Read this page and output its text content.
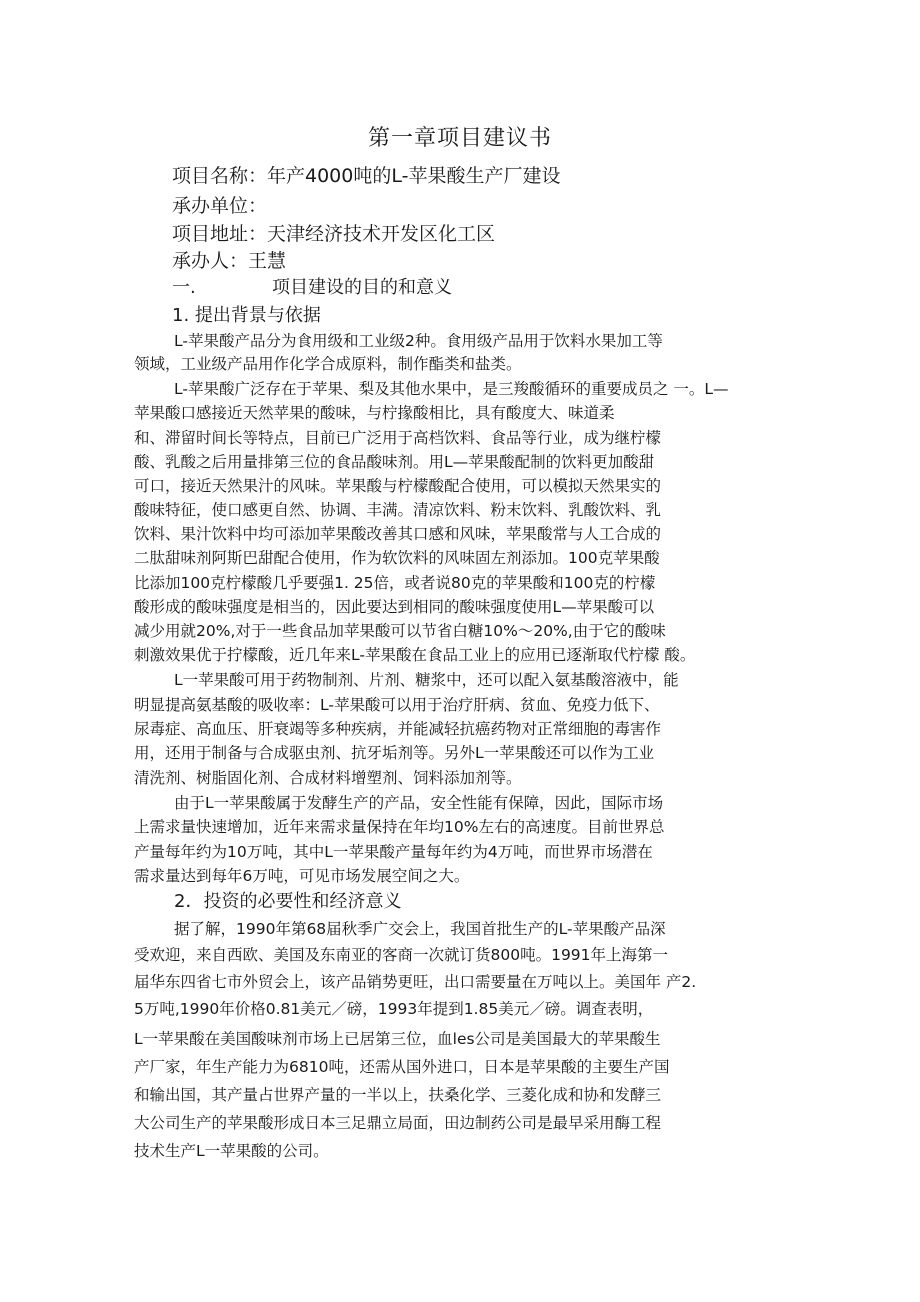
第一章项目建议书
项目名称：年产4000吨的L-苹果酸生产厂建设
承办单位：
项目地址：天津经济技术开发区化工区
承办人：王慧
一.	项目建设的目的和意义
1. 提出背景与依据
L-苹果酸产品分为食用级和工业级2种。食用级产品用于饮料水果加工等
领域，工业级产品用作化学合成原料，制作酯类和盐类。
L-苹果酸广泛存在于苹果、梨及其他水果中，是三羧酸循环的重要成员之 一。L—
苹果酸口感接近天然苹果的酸味，与柠掾酸相比，具有酸度大、味道柔
和、滞留时间长等特点，目前已广泛用于高档饮料、食品等行业，成为继柠檬
酸、乳酸之后用量排第三位的食品酸味剂。用L—苹果酸配制的饮料更加酸甜
可口，接近天然果汁的风味。苹果酸与柠檬酸配合使用，可以模拟天然果实的
酸味特征，使口感更自然、协调、丰满。清凉饮料、粉末饮料、乳酸饮料、乳
饮料、果汁饮料中均可添加苹果酸改善其口感和风味，苹果酸常与人工合成的
二肽甜味剂阿斯巴甜配合使用，作为软饮料的风味固左剂添加。100克苹果酸
比添加100克柠檬酸几乎要强1. 25倍，或者说80克的苹果酸和100克的柠檬
酸形成的酸味强度是相当的，因此要达到相同的酸味强度使用L—苹果酸可以
减少用就20%,对于一些食品加苹果酸可以节省白糖10%～20%,由于它的酸味
刺激效果优于拧檬酸，近几年来L-苹果酸在食品工业上的应用已逐渐取代柠檬 酸。
L一苹果酸可用于药物制剂、片剂、糖浆中，还可以配入氨基酸溶液中，能
明显提高氨基酸的吸收率：L-苹果酸可以用于治疗肝病、贫血、免疫力低下、
尿毒症、高血压、肝衰竭等多种疾病，并能减轻抗癌药物对正常细胞的毒害作
用，还用于制备与合成驱虫剂、抗牙垢剂等。另外L一苹果酸还可以作为工业
清洗剂、树脂固化剂、合成材料增塑剂、饲料添加剂等。
由于L一苹果酸属于发酵生产的产品，安全性能有保障，因此，国际市场
上需求量快速增加，近年来需求量保持在年均10%左右的高速度。目前世界总
产量每年约为10万吨，其中L一苹果酸产量每年约为4万吨，而世界市场潜在
需求量达到每年6万吨，可见市场发展空间之大。
2．投资的必要性和经济意义
据了解，1990年第68届秋季广交会上，我国首批生产的L-苹果酸产品深
受欢迎，来自西欧、美国及东南亚的客商一次就订货800吨。1991年上海第一
届华东四省七市外贸会上，该产品销势更旺，出口需要量在万吨以上。美国年 产2.
5万吨,1990年价格0.81美元／磅，1993年提到1.85美元／磅。调查表明，
L一苹果酸在美国酸味剂市场上已居第三位，血les公司是美国最大的苹果酸生
产厂家，年生产能力为6810吨，还需从国外进口，日本是苹果酸的主要生产国
和输出国，其产量占世界产量的一半以上，扶桑化学、三菱化成和协和发酵三
大公司生产的苹果酸形成日本三足鼎立局面，田边制药公司是最早采用酶工程
技术生产L一苹果酸的公司。
